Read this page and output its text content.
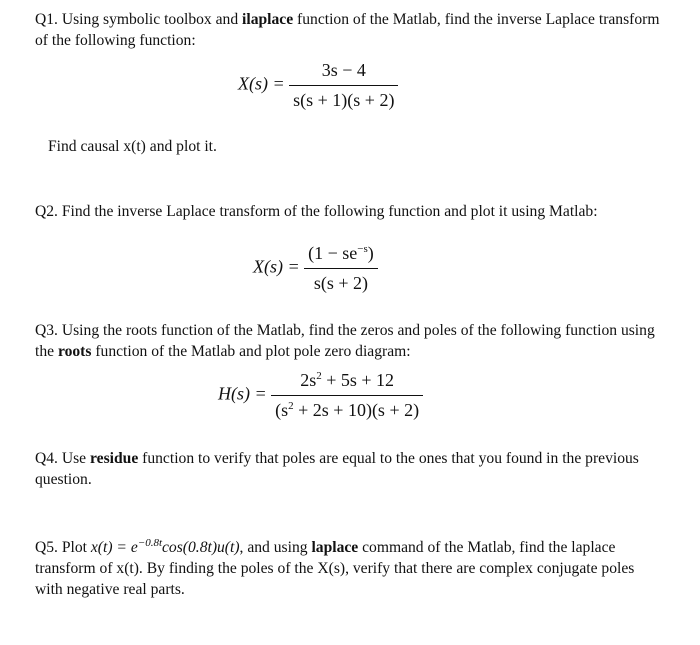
Q1. Using symbolic toolbox and ilaplace function of the Matlab, find the inverse Laplace transform of the following function:
$X(s) = \frac{3s - 4}{s(s + 1)(s + 2)}$
Find causal x(t) and plot it.
Q2. Find the inverse Laplace transform of the following function and plot it using Matlab:
$X(s) = \frac{(1 - se^{-s})}{s(s + 2)}$
Q3. Using the roots function of the Matlab, find the zeros and poles of the following function using the roots function of the Matlab and plot pole zero diagram:
$H(s) = \frac{2s^2 + 5s + 12}{(s^2 + 2s + 10)(s + 2)}$
Q4. Use residue function to verify that poles are equal to the ones that you found in the previous question.
Q5. Plot $x(t) = e^{-0.8t}\cos(0.8t)u(t)$, and using laplace command of the Matlab, find the laplace transform of x(t). By finding the poles of the X(s), verify that there are complex conjugate poles with negative real parts.
